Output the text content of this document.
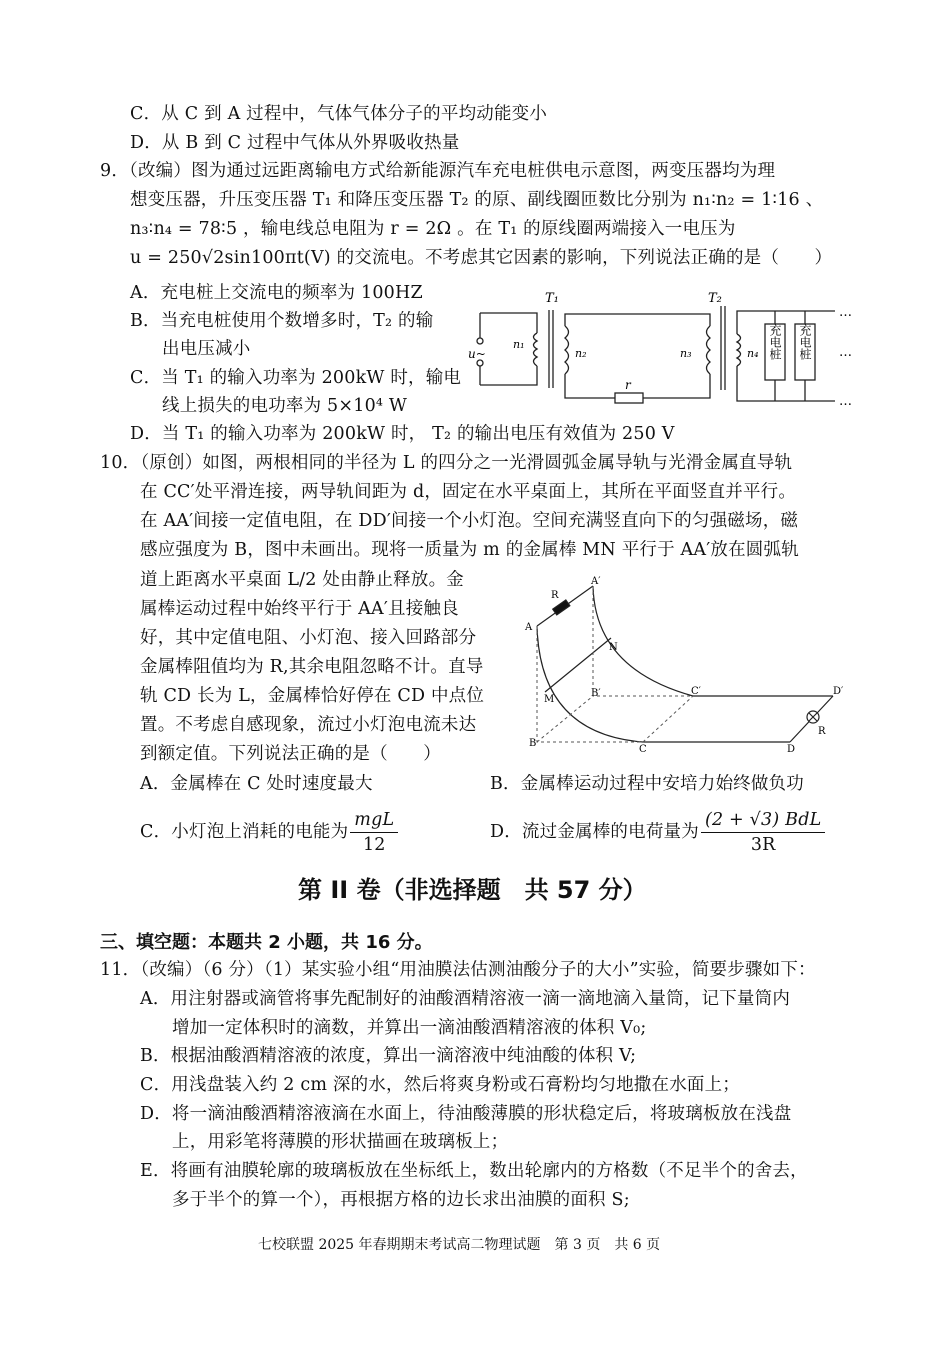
C．从 C 到 A 过程中，气体气体分子的平均动能变小
D．从 B 到 C 过程中气体从外界吸收热量
9．（改编）图为通过远距离输电方式给新能源汽车充电桩供电示意图，两变压器均为理
想变压器，升压变压器 T₁ 和降压变压器 T₂ 的原、副线圈匝数比分别为 n₁∶n₂ = 1∶16 、
n₃∶n₄ = 78∶5 ，输电线总电阻为 r = 2Ω 。在 T₁ 的原线圈两端接入一电压为
u = 250√2sin100πt(V) 的交流电。不考虑其它因素的影响，下列说法正确的是（　　）
A．充电桩上交流电的频率为 100HZ
B．当充电桩使用个数增多时，T₂ 的输
出电压减小
C．当 T₁ 的输入功率为 200kW 时，输电
线上损失的电功率为 5×10⁴ W
D．当 T₁ 的输入功率为 200kW 时， T₂ 的输出电压有效值为 250 V
T₁	T₂
u~
n₁
n₂	n₃	n₄
r
…
…
…
充电桩 充电桩
10．（原创）如图，两根相同的半径为 L 的四分之一光滑圆弧金属导轨与光滑金属直导轨
在 CC′处平滑连接，两导轨间距为 d，固定在水平桌面上，其所在平面竖直并平行。
在 AA′间接一定值电阻，在 DD′间接一个小灯泡。空间充满竖直向下的匀强磁场，磁
感应强度为 B，图中未画出。现将一质量为 m 的金属棒 MN 平行于 AA′放在圆弧轨
道上距离水平桌面 L/2 处由静止释放。金
属棒运动过程中始终平行于 AA′且接触良
好，其中定值电阻、小灯泡、接入回路部分
金属棒阻值均为 R,其余电阻忽略不计。直导
轨 CD 长为 L，金属棒恰好停在 CD 中点位
置。不考虑自感现象，流过小灯泡电流未达
到额定值。下列说法正确的是（　　）
A．金属棒在 C 处时速度最大	B．金属棒运动过程中安培力始终做负功
C．小灯泡上消耗的电能为 $\frac{\text{mgL}}{12}$	D．流过金属棒的电荷量为 $\frac{\text{(2 + √3) BdL}}{3R}$
A
A′
R
N
M
B
B′
C
C′
D
D′
R
第 II 卷（非选择题　共 57 分）
三、填空题：本题共 2 小题，共 16 分。
11．（改编）（6 分）（1）某实验小组“用油膜法估测油酸分子的大小”实验，简要步骤如下：
A．用注射器或滴管将事先配制好的油酸酒精溶液一滴一滴地滴入量筒，记下量筒内
增加一定体积时的滴数，并算出一滴油酸酒精溶液的体积 V₀;
B．根据油酸酒精溶液的浓度，算出一滴溶液中纯油酸的体积 V;
C．用浅盘装入约 2 cm 深的水，然后将爽身粉或石膏粉均匀地撒在水面上；
D．将一滴油酸酒精溶液滴在水面上，待油酸薄膜的形状稳定后，将玻璃板放在浅盘
上，用彩笔将薄膜的形状描画在玻璃板上；
E．将画有油膜轮廓的玻璃板放在坐标纸上，数出轮廓内的方格数（不足半个的舍去，
多于半个的算一个），再根据方格的边长求出油膜的面积 S;
七校联盟 2025 年春期期末考试高二物理试题　第 3 页　共 6 页
